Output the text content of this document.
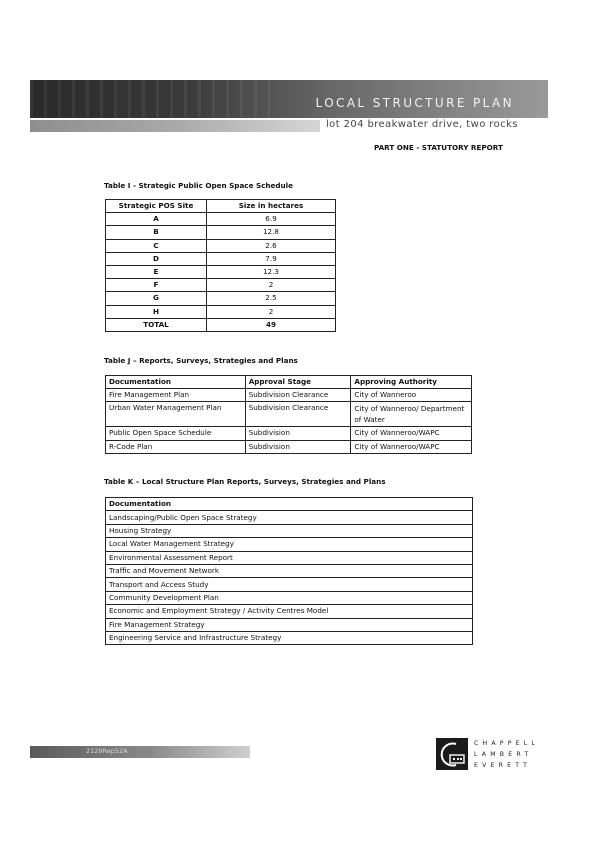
LOCAL STRUCTURE PLAN
lot 204 breakwater drive, two rocks
PART ONE - STATUTORY REPORT
Table I - Strategic Public Open Space Schedule
Strategic POS Site	Size in hectares
A	6.9
B	12.8
C	2.6
D	7.9
E	12.3
F	2
G	2.5
H	2
TOTAL	49
Table J – Reports, Surveys, Strategies and Plans
Documentation	Approval Stage	Approving Authority
Fire Management Plan	Subdivision Clearance	City of Wanneroo
Urban Water Management Plan	Subdivision Clearance	City of Wanneroo/ Department of Water
Public Open Space Schedule	Subdivision	City of Wanneroo/WAPC
R-Code Plan	Subdivision	City of Wanneroo/WAPC
Table K – Local Structure Plan Reports, Surveys, Strategies and Plans
Documentation
Landscaping/Public Open Space Strategy
Housing Strategy
Local Water Management Strategy
Environmental Assessment Report
Traffic and Movement Network
Transport and Access Study
Community Development Plan
Economic and Employment Strategy / Activity Centres Model
Fire Management Strategy
Engineering Service and Infrastructure Strategy
2129Rep52A
CHAPPELL
LAMBERT
EVERETT
